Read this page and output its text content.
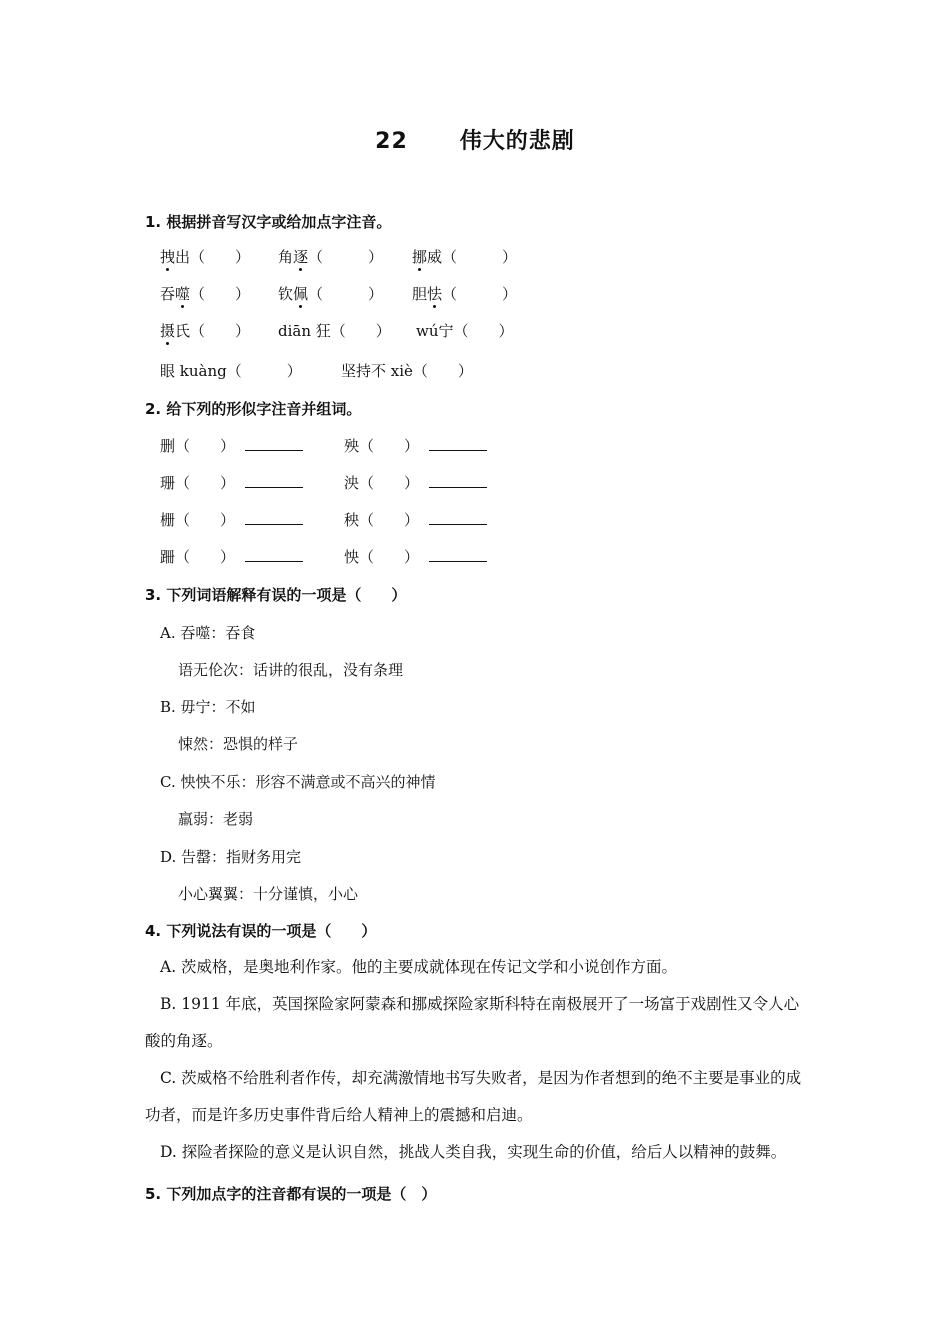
22 伟大的悲剧
1. 根据拼音写汉字或给加点字注音。
拽出（　　） 角逐（　　　） 挪威（　　　）
吞噬（　　） 钦佩（　　　） 胆怯（　　　）
摄氏（　　） diān 狂（　　） wú宁（　　）
眼 kuàng（　　　）	坚持不 xiè（　　）
2. 给下列的形似字注音并组词。
删（　　）	殃（　　）
珊（　　）	泱（　　）
栅（　　）	秧（　　）
跚（　　）	怏（　　）
3. 下列词语解释有误的一项是（　　）
A. 吞噬：吞食
语无伦次：话讲的很乱，没有条理
B. 毋宁：不如
悚然：恐惧的样子
C. 怏怏不乐：形容不满意或不高兴的神情
羸弱：老弱
D. 告罄：指财务用完
小心翼翼：十分谨慎，小心
4. 下列说法有误的一项是（　　）
A. 茨威格，是奥地利作家。他的主要成就体现在传记文学和小说创作方面。
B. 1911 年底，英国探险家阿蒙森和挪威探险家斯科特在南极展开了一场富于戏剧性又令人心酸的角逐。
C. 茨威格不给胜利者作传，却充满激情地书写失败者，是因为作者想到的绝不主要是事业的成功者，而是许多历史事件背后给人精神上的震撼和启迪。
D. 探险者探险的意义是认识自然，挑战人类自我，实现生命的价值，给后人以精神的鼓舞。
5. 下列加点字的注音都有误的一项是（　）
